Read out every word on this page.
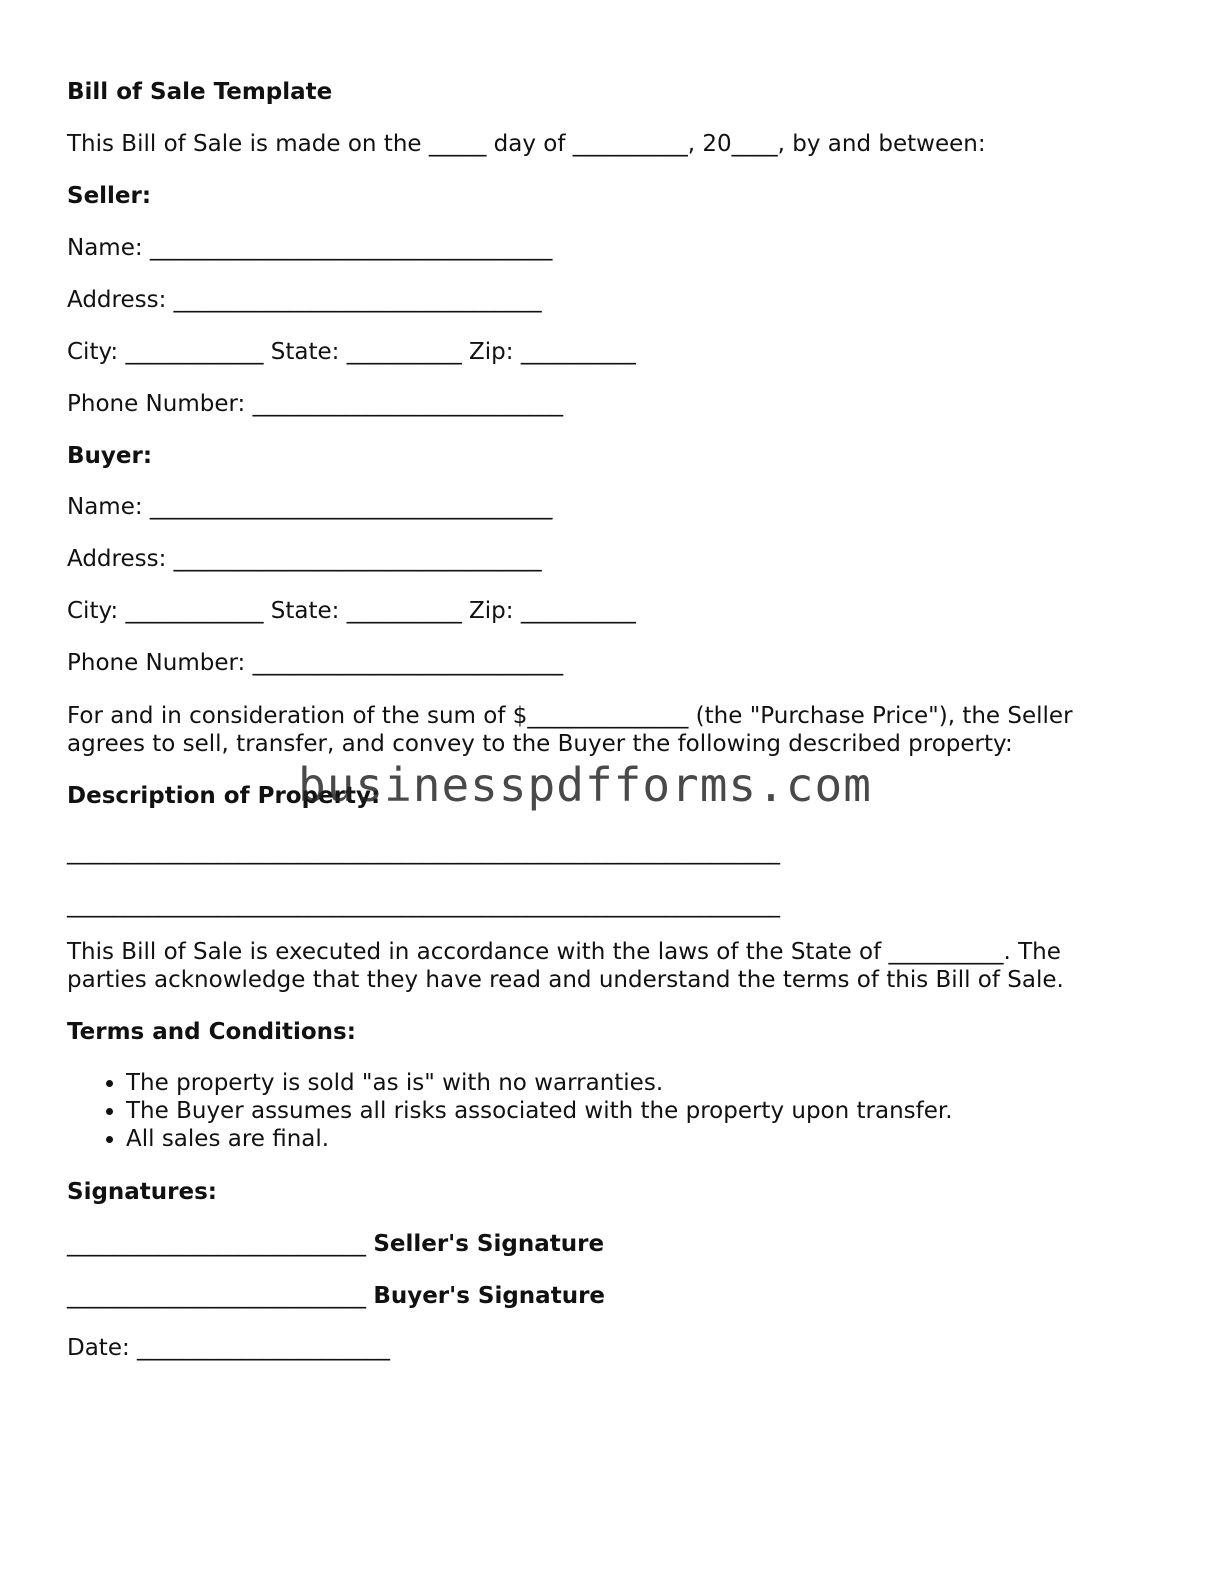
Bill of Sale Template

This Bill of Sale is made on the _____ day of __________, 20____, by and between:

Seller:

Name: ___________________________________

Address: ________________________________

City: ____________ State: __________ Zip: __________

Phone Number: ___________________________

Buyer:

Name: ___________________________________

Address: ________________________________

City: ____________ State: __________ Zip: __________

Phone Number: ___________________________

For and in consideration of the sum of $______________ (the "Purchase Price"), the Seller
agrees to sell, transfer, and convey to the Buyer the following described property:

Description of Property:

______________________________________________________________

______________________________________________________________

This Bill of Sale is executed in accordance with the laws of the State of __________. The
parties acknowledge that they have read and understand the terms of this Bill of Sale.

Terms and Conditions:

• The property is sold "as is" with no warranties.
• The Buyer assumes all risks associated with the property upon transfer.
• All sales are final.

Signatures:

__________________________ Seller's Signature

__________________________ Buyer's Signature

Date: ______________________

businesspdfforms.com
